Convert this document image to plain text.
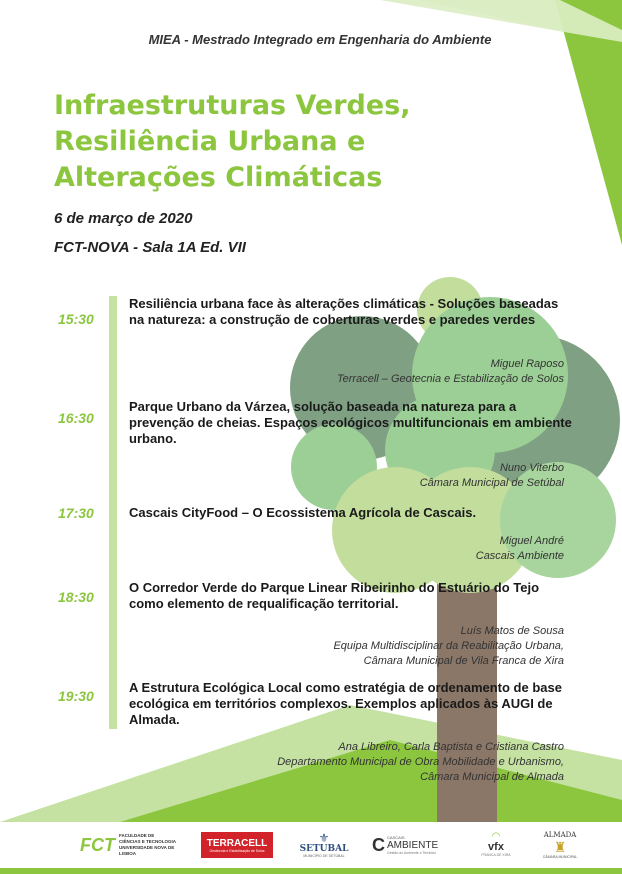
MIEA - Mestrado Integrado em Engenharia do Ambiente
Infraestruturas Verdes,
Resiliência Urbana e
Alterações Climáticas
6 de março de 2020
FCT-NOVA - Sala 1A Ed. VII
15:30
Resiliência urbana face às alterações climáticas - Soluções baseadas na natureza: a construção de coberturas verdes e paredes verdes
Miguel Raposo
Terracell – Geotecnia e Estabilização de Solos
16:30
Parque Urbano da Várzea, solução baseada na natureza para a prevenção de cheias. Espaços ecológicos multifuncionais em ambiente urbano.
Nuno Viterbo
Câmara Municipal de Setúbal
17:30	Cascais CityFood – O Ecossistema Agrícola de Cascais.
Miguel André
Cascais Ambiente
18:30
O Corredor Verde do Parque Linear Ribeirinho do Estuário do Tejo como elemento de requalificação territorial.
Luís Matos de Sousa
Equipa Multidisciplinar da Reabilitação Urbana,
Câmara Municipal de Vila Franca de Xira
19:30
A Estrutura Ecológica Local como estratégia de ordenamento de base ecológica em territórios complexos. Exemplos aplicados às AUGI de Almada.
Ana Libreiro, Carla Baptista e Cristiana Castro
Departamento Municipal de Obra Mobilidade e Urbanismo,
Câmara Municipal de Almada
FCT FACULDADE DE
CIÊNCIAS E TECNOLOGIA
UNIVERSIDADE NOVA DE LISBOA
TERRACELL
Geotecnia e Estabilização de Solos
⚜
SETUBAL
MUNICÍPIO DE SETÚBAL
C CASCAIS
AMBIENTE
Gestão do Ambiente e Território
◠
vfx
FRANCA DE XIRA
ALMADA
♜
CÂMARA MUNICIPAL
